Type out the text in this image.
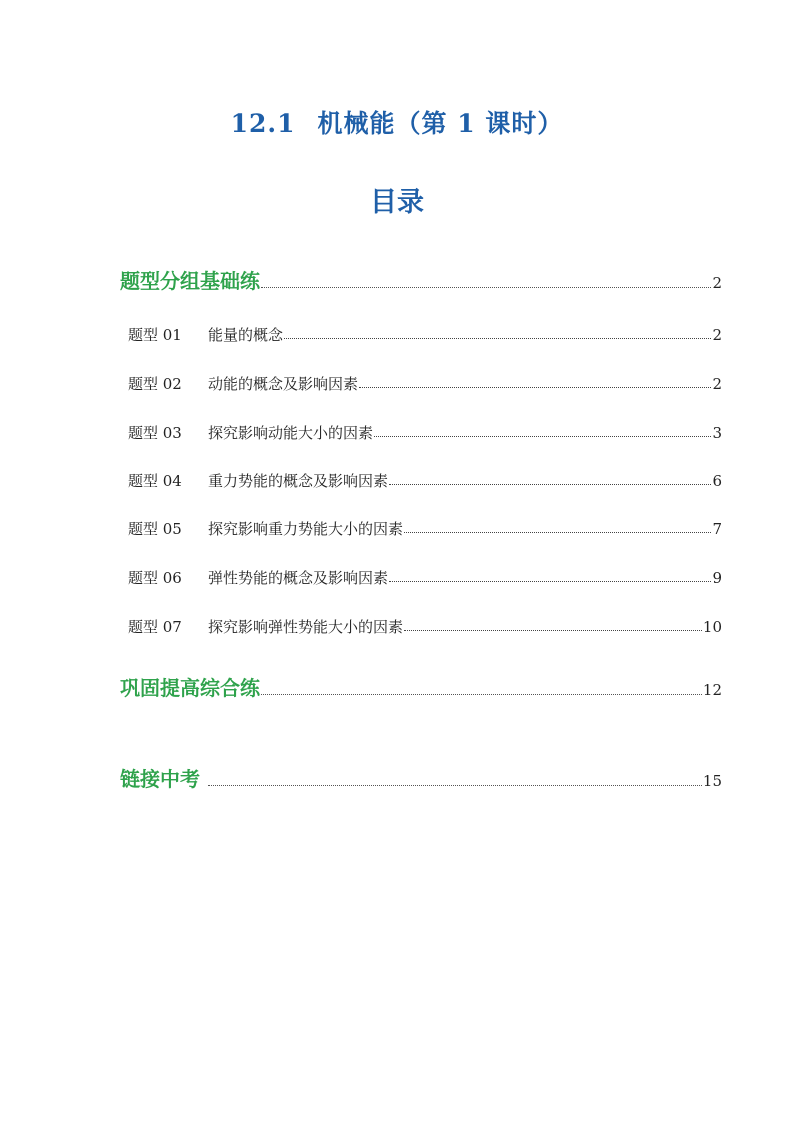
12.1 机械能（第 1 课时）
目录
题型分组基础练	2
题型 01 能量的概念	2
题型 02 动能的概念及影响因素	2
题型 03 探究影响动能大小的因素	3
题型 04 重力势能的概念及影响因素	6
题型 05 探究影响重力势能大小的因素	7
题型 06 弹性势能的概念及影响因素	9
题型 07 探究影响弹性势能大小的因素	10
巩固提高综合练	12
链接中考	15
